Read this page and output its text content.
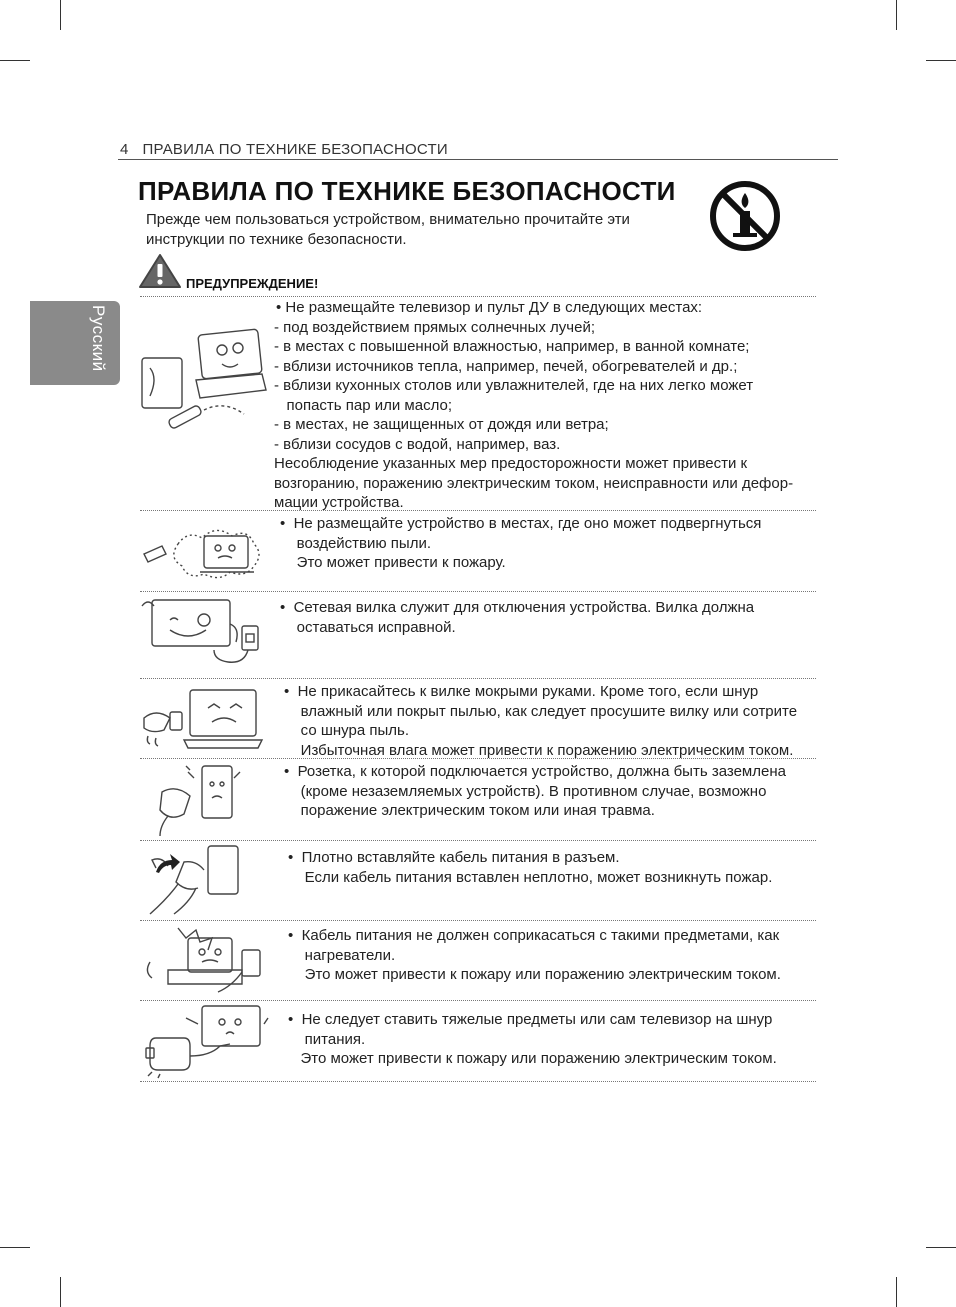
4 ПРАВИЛА ПО ТЕХНИКЕ БЕЗОПАСНОСТИ
Русский
ПРАВИЛА ПО ТЕХНИКЕ БЕЗОПАСНОСТИ
Прежде чем пользоваться устройством, внимательно прочитайте эти
инструкции по технике безопасности.
ПРЕДУПРЕЖДЕНИЕ!
• Не размещайте телевизор и пульт ДУ в следующих местах:
- под воздействием прямых солнечных лучей;
- в местах с повышенной влажностью, например, в ванной комнате;
- вблизи источников тепла, например, печей, обогревателей и др.;
- вблизи кухонных столов или увлажнителей, где на них легко может
попасть пар или масло;
- в местах, не защищенных от дождя или ветра;
- вблизи сосудов с водой, например, ваз.
Несоблюдение указанных мер предосторожности может привести к
возгоранию, поражению электрическим током, неисправности или дефор-
мации устройства.
•  Не размещайте устройство в местах, где оно может подвергнуться
воздействию пыли.
Это может привести к пожару.
•  Сетевая вилка служит для отключения устройства. Вилка должна
оставаться исправной.
•  Не прикасайтесь к вилке мокрыми руками. Кроме того, если шнур
влажный или покрыт пылью, как следует просушите вилку или сотрите
со шнура пыль.
Избыточная влага может привести к поражению электрическим током.
•  Розетка, к которой подключается устройство, должна быть заземлена
(кроме незаземляемых устройств). В противном случае, возможно
поражение электрическим током или иная травма.
•  Плотно вставляйте кабель питания в разъем.
Если кабель питания вставлен неплотно, может возникнуть пожар.
•  Кабель питания не должен соприкасаться с такими предметами, как
нагреватели.
Это может привести к пожару или поражению электрическим током.
•  Не следует ставить тяжелые предметы или сам телевизор на шнур
питания.
Это может привести к пожару или поражению электрическим током.
